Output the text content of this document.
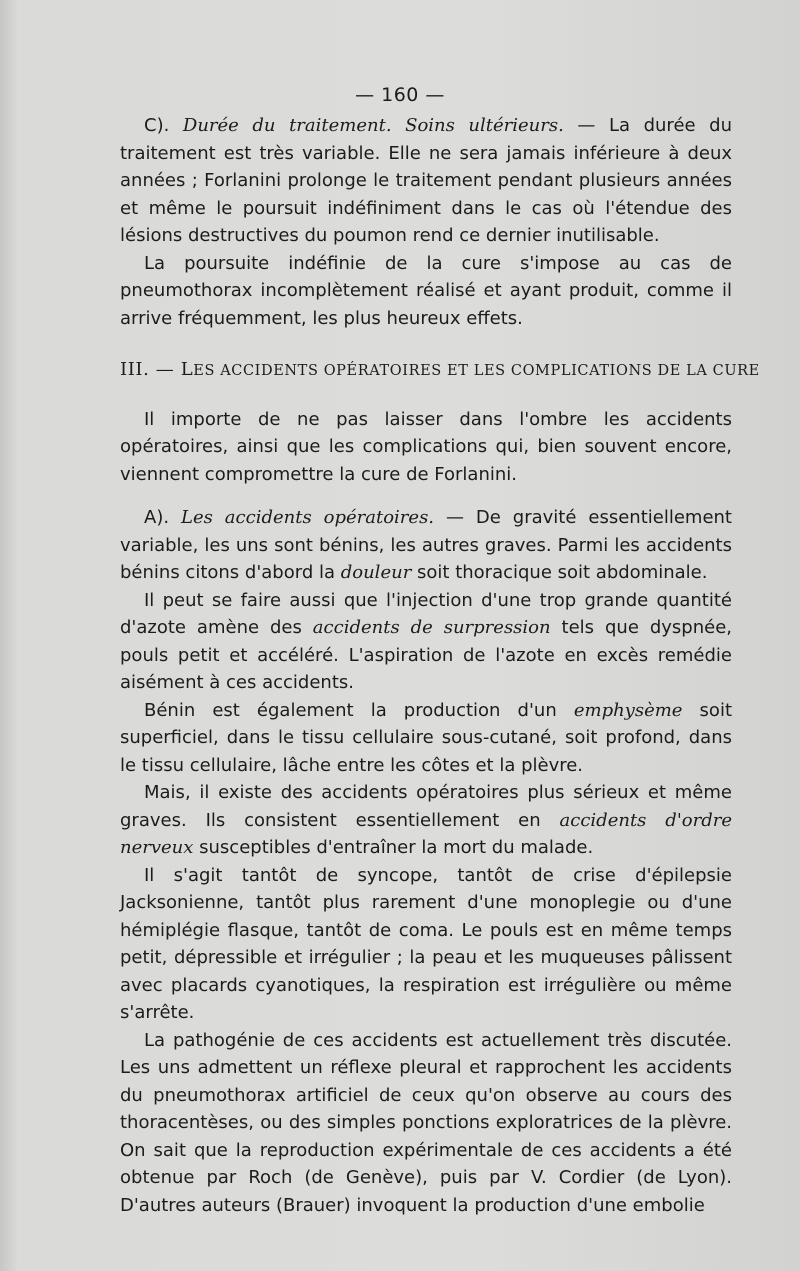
— 160 —

C). Durée du traitement. Soins ultérieurs. — La durée du traitement est très variable. Elle ne sera jamais inférieure à deux années ; Forlanini prolonge le traitement pendant plusieurs années et même le poursuit indéfiniment dans le cas où l'étendue des lésions destructives du poumon rend ce dernier inutilisable.

La poursuite indéfinie de la cure s'impose au cas de pneumothorax incomplètement réalisé et ayant produit, comme il arrive fréquemment, les plus heureux effets.

III. — LES ACCIDENTS OPÉRATOIRES ET LES COMPLICATIONS DE LA CURE

Il importe de ne pas laisser dans l'ombre les accidents opératoires, ainsi que les complications qui, bien souvent encore, viennent compromettre la cure de Forlanini.

A). Les accidents opératoires. — De gravité essentiellement variable, les uns sont bénins, les autres graves. Parmi les accidents bénins citons d'abord la douleur soit thoracique soit abdominale.

Il peut se faire aussi que l'injection d'une trop grande quantité d'azote amène des accidents de surpression tels que dyspnée, pouls petit et accéléré. L'aspiration de l'azote en excès remédie aisément à ces accidents.

Bénin est également la production d'un emphysème soit superficiel, dans le tissu cellulaire sous-cutané, soit profond, dans le tissu cellulaire, lâche entre les côtes et la plèvre.

Mais, il existe des accidents opératoires plus sérieux et même graves. Ils consistent essentiellement en accidents d'ordre nerveux susceptibles d'entraîner la mort du malade.

Il s'agit tantôt de syncope, tantôt de crise d'épilepsie Jacksonienne, tantôt plus rarement d'une monoplegie ou d'une hémiplégie flasque, tantôt de coma. Le pouls est en même temps petit, dépressible et irrégulier ; la peau et les muqueuses pâlissent avec placards cyanotiques, la respiration est irrégulière ou même s'arrête.

La pathogénie de ces accidents est actuellement très discutée. Les uns admettent un réflexe pleural et rapprochent les accidents du pneumothorax artificiel de ceux qu'on observe au cours des thoracentèses, ou des simples ponctions exploratrices de la plèvre. On sait que la reproduction expérimentale de ces accidents a été obtenue par Roch (de Genève), puis par V. Cordier (de Lyon). D'autres auteurs (Brauer) invoquent la production d'une embolie
